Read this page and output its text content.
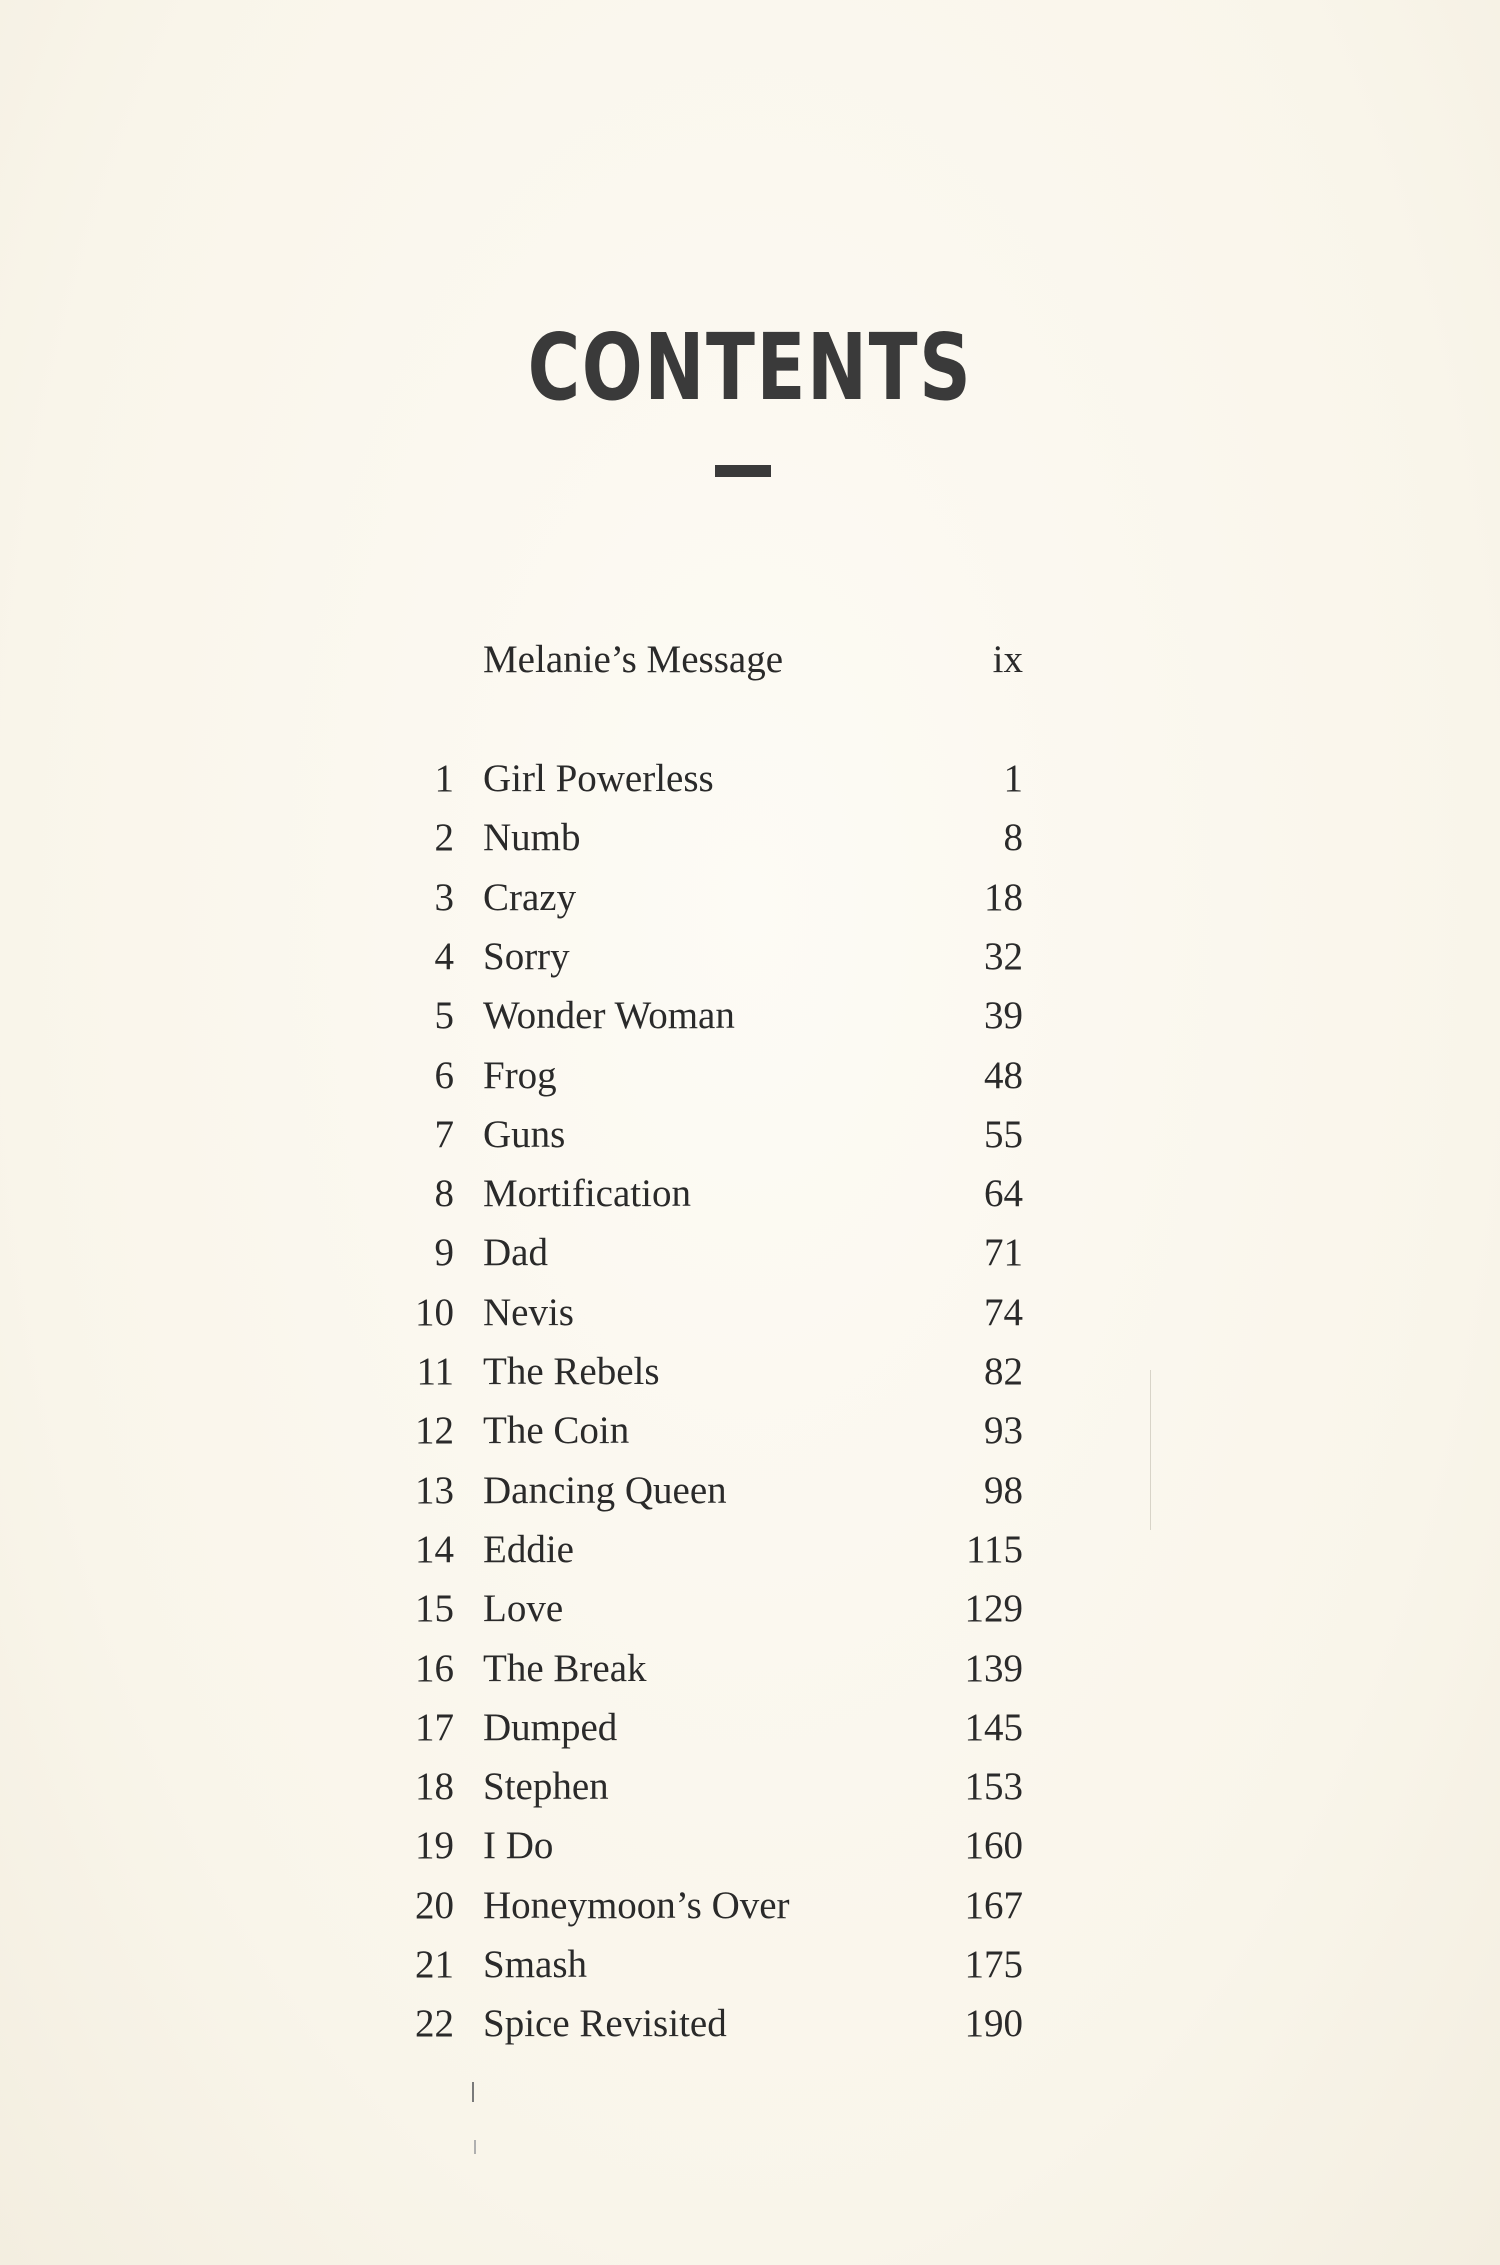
CONTENTS
Melanie’s Message	ix
1 Girl Powerless	1
2 Numb	8
3 Crazy	18
4 Sorry	32
5 Wonder Woman	39
6 Frog	48
7 Guns	55
8 Mortification	64
9 Dad	71
10 Nevis	74
11 The Rebels	82
12 The Coin	93
13 Dancing Queen	98
14 Eddie	115
15 Love	129
16 The Break	139
17 Dumped	145
18 Stephen	153
19 I Do	160
20 Honeymoon’s Over	167
21 Smash	175
22 Spice Revisited	190
